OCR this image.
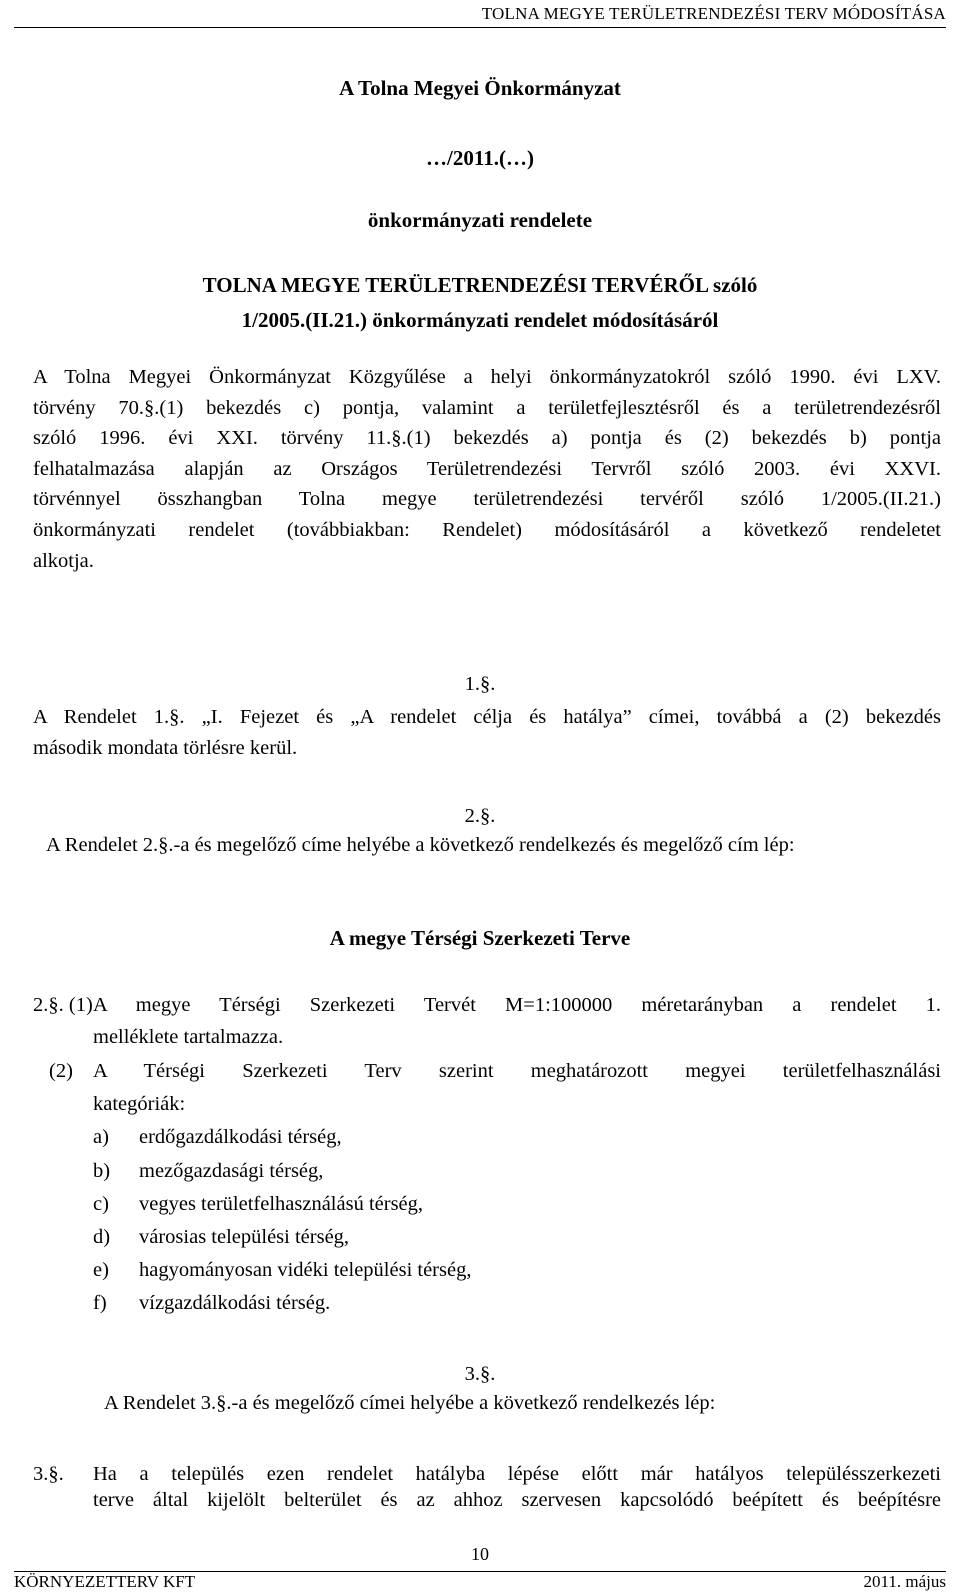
TOLNA MEGYE TERÜLETRENDEZÉSI TERV MÓDOSÍTÁSA
A Tolna Megyei Önkormányzat
…/2011.(…)
önkormányzati rendelete
TOLNA MEGYE TERÜLETRENDEZÉSI TERVÉRŐL szóló
1/2005.(II.21.) önkormányzati rendelet módosításáról
A Tolna Megyei Önkormányzat Közgyűlése a helyi önkormányzatokról szóló 1990. évi LXV.
törvény 70.§.(1) bekezdés c) pontja, valamint a területfejlesztésről és a területrendezésről
szóló 1996. évi XXI. törvény 11.§.(1) bekezdés a) pontja és (2) bekezdés b) pontja
felhatalmazása alapján az Országos Területrendezési Tervről szóló 2003. évi XXVI.
törvénnyel összhangban Tolna megye területrendezési tervéről szóló 1/2005.(II.21.)
önkormányzati rendelet (továbbiakban: Rendelet) módosításáról a következő rendeletet
alkotja.
1.§.
A Rendelet 1.§. „I. Fejezet és „A rendelet célja és hatálya” címei, továbbá a (2) bekezdés
második mondata törlésre kerül.
2.§.
A Rendelet 2.§.-a és megelőző címe helyébe a következő rendelkezés és megelőző cím lép:
A megye Térségi Szerkezeti Terve
2.§. (1) A megye Térségi Szerkezeti Tervét M=1:100000 méretarányban a rendelet 1.
melléklete tartalmazza.
(2) A Térségi Szerkezeti Terv szerint meghatározott megyei területfelhasználási
kategóriák:
a) erdőgazdálkodási térség,
b) mezőgazdasági térség,
c) vegyes területfelhasználású térség,
d) városias települési térség,
e) hagyományosan vidéki települési térség,
f) vízgazdálkodási térség.
3.§.
A Rendelet 3.§.-a és megelőző címei helyébe a következő rendelkezés lép:
3.§. Ha a település ezen rendelet hatályba lépése előtt már hatályos településszerkezeti
terve által kijelölt belterület és az ahhoz szervesen kapcsolódó beépített és beépítésre
10
KÖRNYEZETTERV KFT	2011. május
